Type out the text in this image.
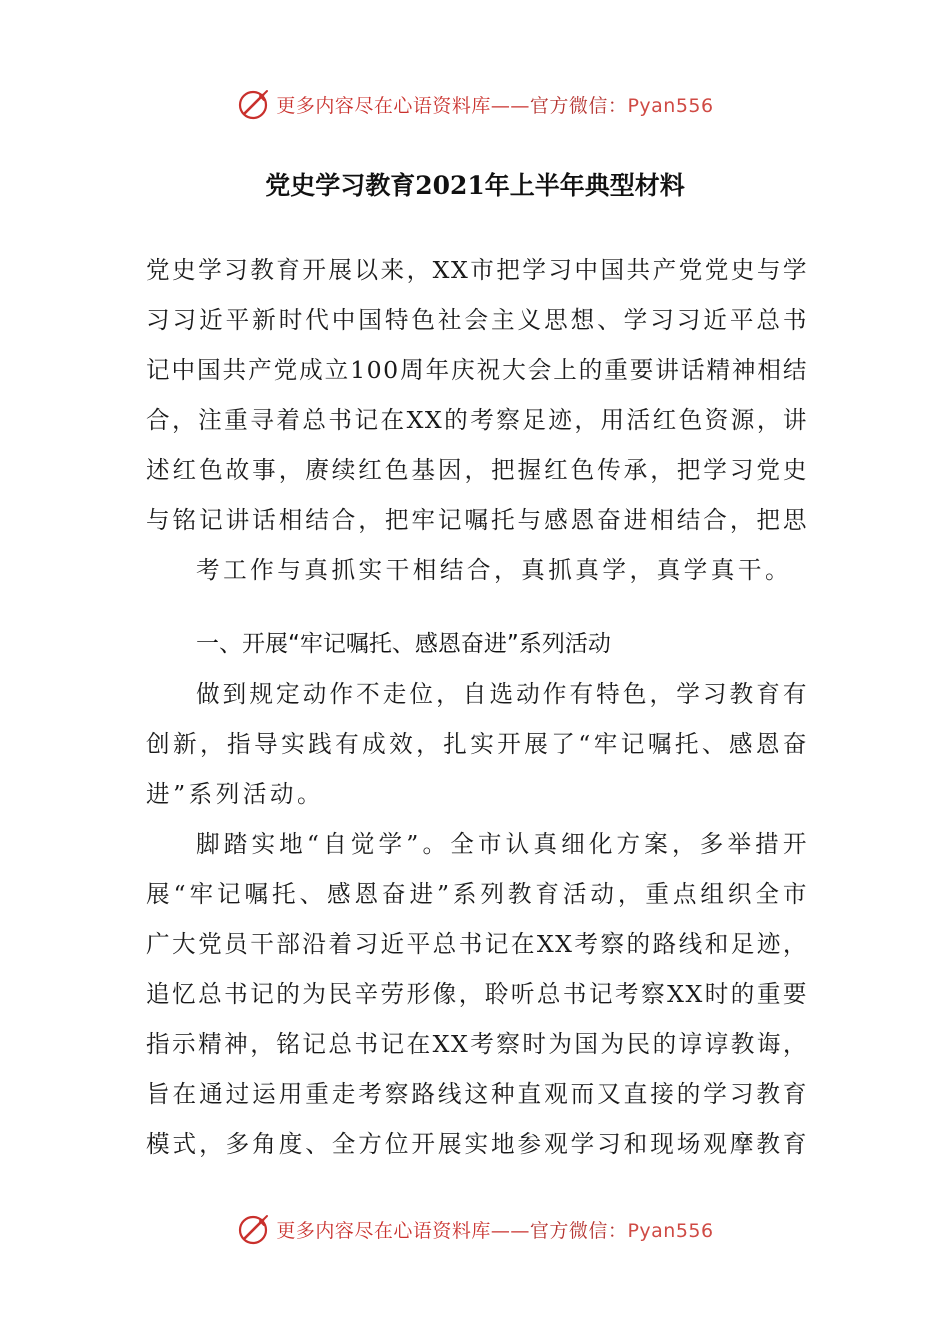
更多内容尽在心语资料库——官方微信：Pyan556
党史学习教育2021年上半年典型材料
党史学习教育开展以来，XX市把学习中国共产党党史与学
习习近平新时代中国特色社会主义思想、学习习近平总书
记中国共产党成立100周年庆祝大会上的重要讲话精神相结
合，注重寻着总书记在XX的考察足迹，用活红色资源，讲
述红色故事，赓续红色基因，把握红色传承，把学习党史
与铭记讲话相结合，把牢记嘱托与感恩奋进相结合，把思
考工作与真抓实干相结合，真抓真学，真学真干。
一、开展“牢记嘱托、感恩奋进”系列活动
做到规定动作不走位，自选动作有特色，学习教育有
创新，指导实践有成效，扎实开展了“牢记嘱托、感恩奋
进”系列活动。
脚踏实地“自觉学”。全市认真细化方案，多举措开
展“牢记嘱托、感恩奋进”系列教育活动，重点组织全市
广大党员干部沿着习近平总书记在XX考察的路线和足迹，
追忆总书记的为民辛劳形像，聆听总书记考察XX时的重要
指示精神，铭记总书记在XX考察时为国为民的谆谆教诲，
旨在通过运用重走考察路线这种直观而又直接的学习教育
模式，多角度、全方位开展实地参观学习和现场观摩教育
更多内容尽在心语资料库——官方微信：Pyan556
